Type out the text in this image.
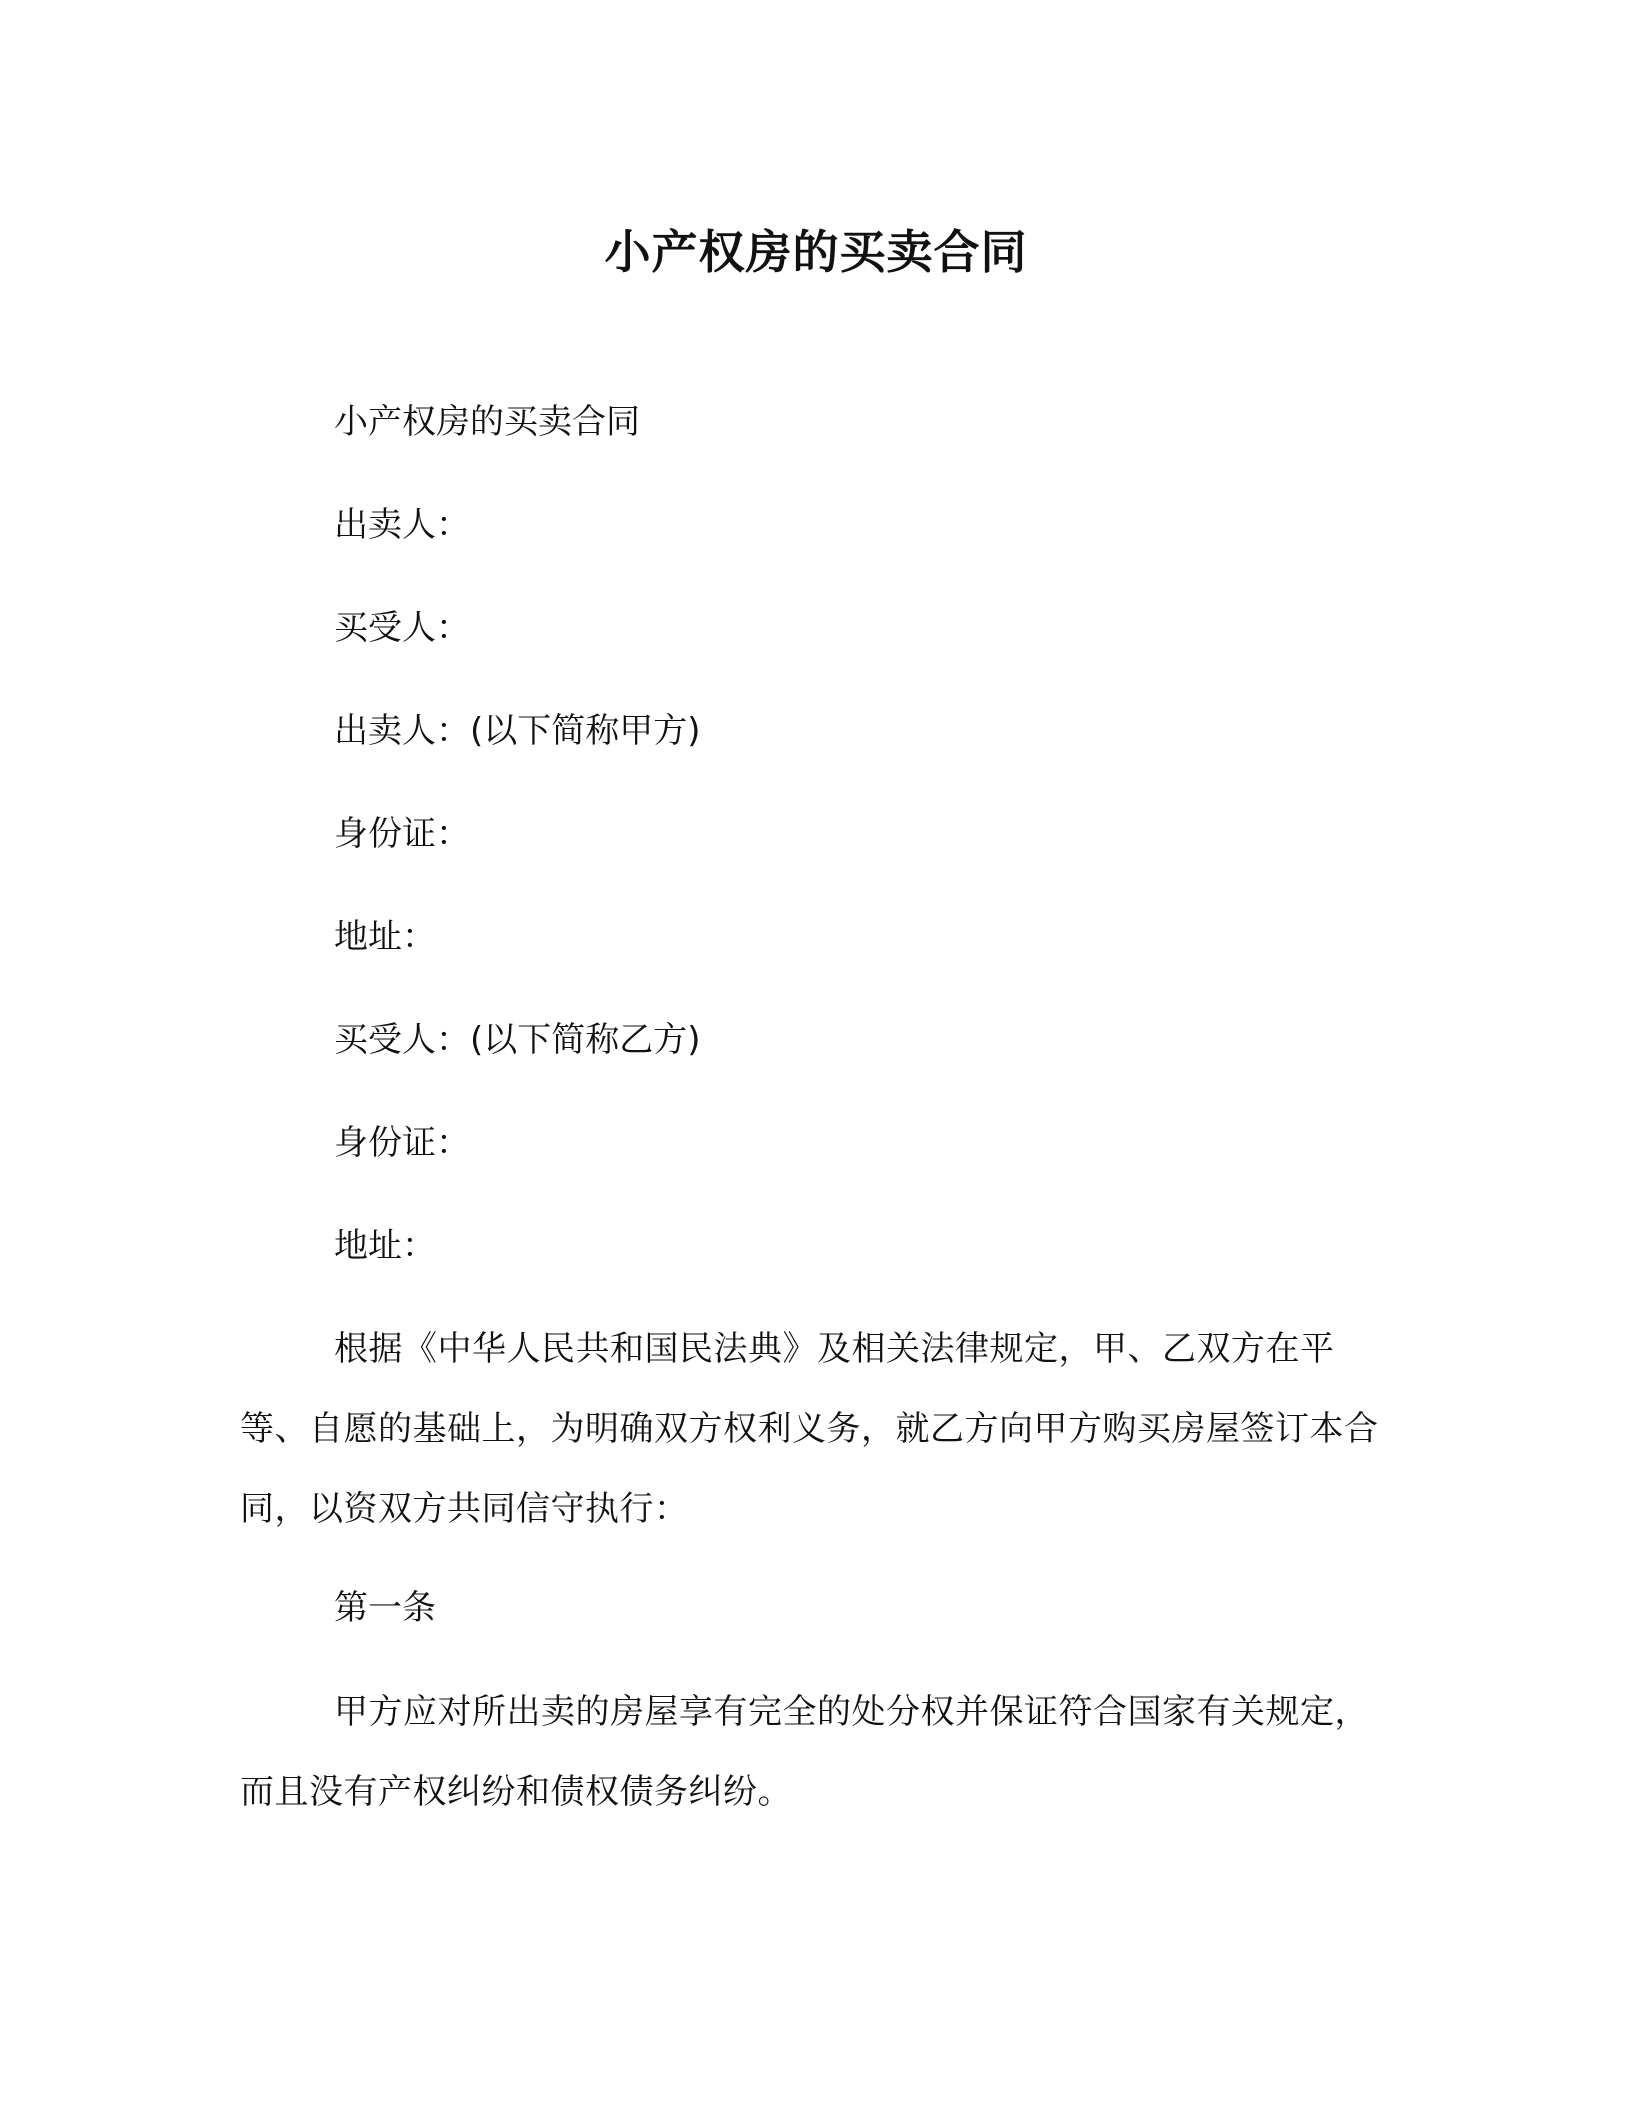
小产权房的买卖合同
小产权房的买卖合同
出卖人：
买受人：
出卖人：(以下简称甲方)
身份证：
地址：
买受人：(以下简称乙方)
身份证：
地址：

根据《中华人民共和国民法典》及相关法律规定，甲、乙双方在平等、自愿的基础上，为明确双方权利义务，就乙方向甲方购买房屋签订本合同，以资双方共同信守执行：

第一条

甲方应对所出卖的房屋享有完全的处分权并保证符合国家有关规定，而且没有产权纠纷和债权债务纠纷。
